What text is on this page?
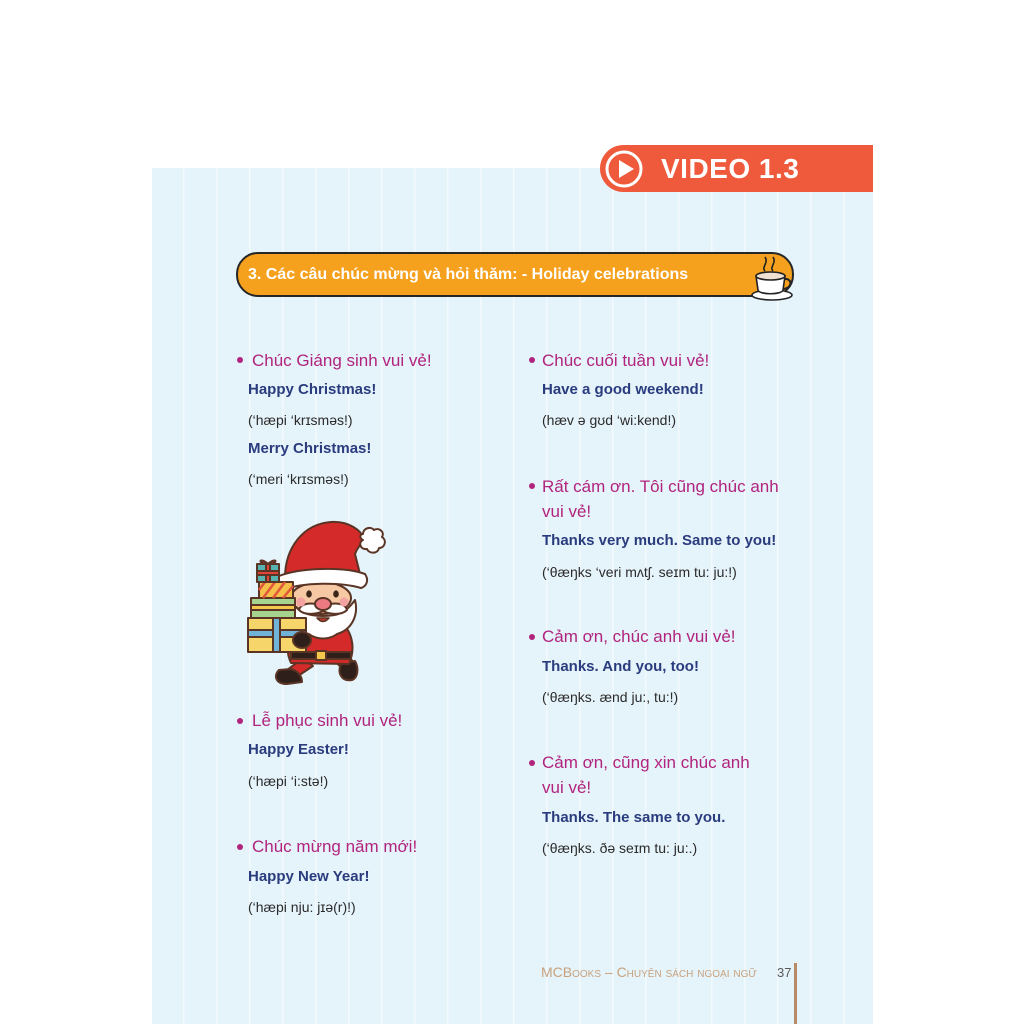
VIDEO 1.3
3. Các câu chúc mừng và hỏi thăm: - Holiday celebrations
Chúc Giáng sinh vui vẻ!
Happy Christmas!
(‘hæpi ‘krɪsməs!)
Merry Christmas!
(‘meri ‘krɪsməs!)
Lễ phục sinh vui vẻ!
Happy Easter!
(‘hæpi ‘i:stə!)
Chúc mừng năm mới!
Happy New Year!
(‘hæpi nju: jɪə(r)!)
Chúc cuối tuần vui vẻ!
Have a good weekend!
(hæv ə gʊd ‘wi:kend!)
Rất cám ơn. Tôi cũng chúc anh
vui vẻ!
Thanks very much. Same to you!
(‘θæŋks ‘veri mʌtʃ. seɪm tu: ju:!)
Cảm ơn, chúc anh vui vẻ!
Thanks. And you, too!
(‘θæŋks. ænd ju:, tu:!)
Cảm ơn, cũng xin chúc anh
vui vẻ!
Thanks. The same to you.
(‘θæŋks. ðə seɪm tu: ju:.)
MCBooks – Chuyên sách ngoại ngữ 37
